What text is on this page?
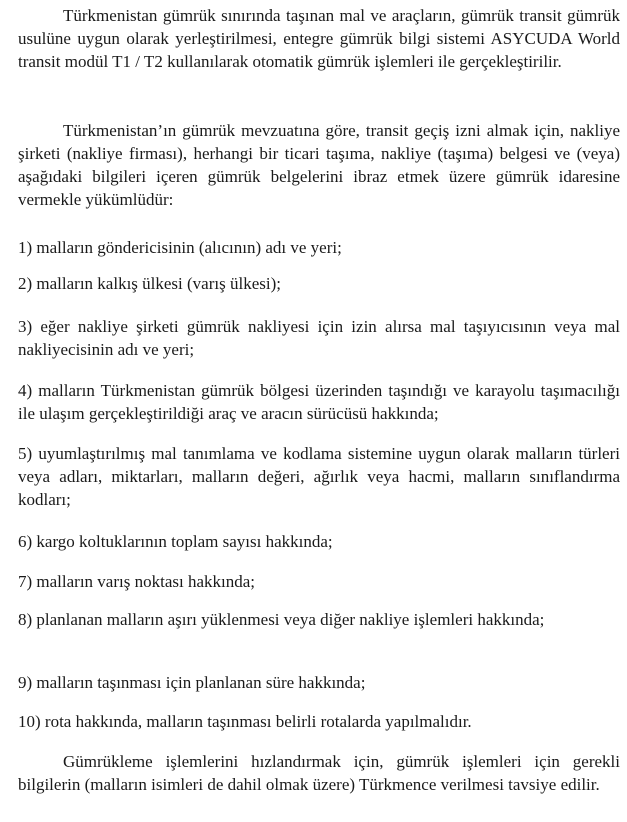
Türkmenistan gümrük sınırında taşınan mal ve araçların, gümrük transit gümrük usulüne uygun olarak yerleştirilmesi, entegre gümrük bilgi sistemi ASYCUDA World transit modül T1 / T2 kullanılarak otomatik gümrük işlemleri ile gerçekleştirilir.

Türkmenistan’ın gümrük mevzuatına göre, transit geçiş izni almak için, nakliye şirketi (nakliye firması), herhangi bir ticari taşıma, nakliye (taşıma) belgesi ve (veya) aşağıdaki bilgileri içeren gümrük belgelerini ibraz etmek üzere gümrük idaresine vermekle yükümlüdür:

1) malların göndericisinin (alıcının) adı ve yeri;

2) malların kalkış ülkesi (varış ülkesi);

3) eğer nakliye şirketi gümrük nakliyesi için izin alırsa mal taşıyıcısının veya mal nakliyecisinin adı ve yeri;

4) malların Türkmenistan gümrük bölgesi üzerinden taşındığı ve karayolu taşımacılığı ile ulaşım gerçekleştirildiği araç ve aracın sürücüsü hakkında;

5) uyumlaştırılmış mal tanımlama ve kodlama sistemine uygun olarak malların türleri veya adları, miktarları, malların değeri, ağırlık veya hacmi, malların sınıflandırma kodları;

6) kargo koltuklarının toplam sayısı hakkında;

7) malların varış noktası hakkında;

8) planlanan malların aşırı yüklenmesi veya diğer nakliye işlemleri hakkında;

9) malların taşınması için planlanan süre hakkında;

10) rota hakkında, malların taşınması belirli rotalarda yapılmalıdır.

Gümrükleme işlemlerini hızlandırmak için, gümrük işlemleri için gerekli bilgilerin (malların isimleri de dahil olmak üzere) Türkmence verilmesi tavsiye edilir.
